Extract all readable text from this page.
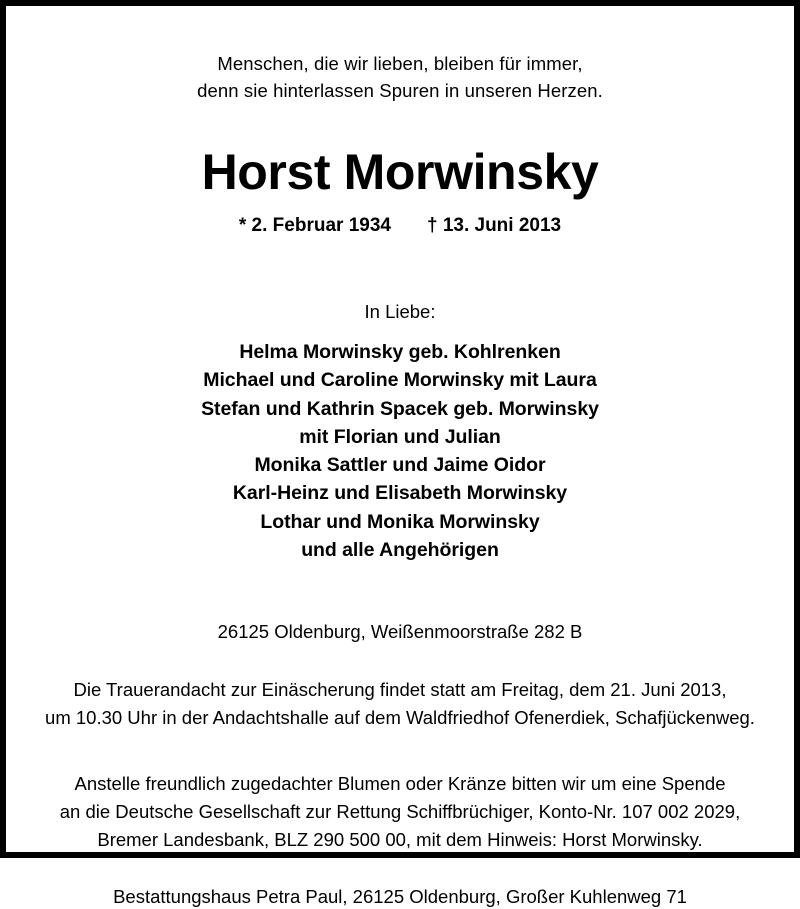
Menschen, die wir lieben, bleiben für immer,
denn sie hinterlassen Spuren in unseren Herzen.

Horst Morwinsky

* 2. Februar 1934 † 13. Juni 2013

In Liebe:

Helma Morwinsky geb. Kohlrenken
Michael und Caroline Morwinsky mit Laura
Stefan und Kathrin Spacek geb. Morwinsky
mit Florian und Julian
Monika Sattler und Jaime Oidor
Karl-Heinz und Elisabeth Morwinsky
Lothar und Monika Morwinsky
und alle Angehörigen

26125 Oldenburg, Weißenmoorstraße 282 B

Die Trauerandacht zur Einäscherung findet statt am Freitag, dem 21. Juni 2013,
um 10.30 Uhr in der Andachtshalle auf dem Waldfriedhof Ofenerdiek, Schafjückenweg.

Anstelle freundlich zugedachter Blumen oder Kränze bitten wir um eine Spende
an die Deutsche Gesellschaft zur Rettung Schiffbrüchiger, Konto-Nr. 107 002 2029,
Bremer Landesbank, BLZ 290 500 00, mit dem Hinweis: Horst Morwinsky.

Bestattungshaus Petra Paul, 26125 Oldenburg, Großer Kuhlenweg 71
